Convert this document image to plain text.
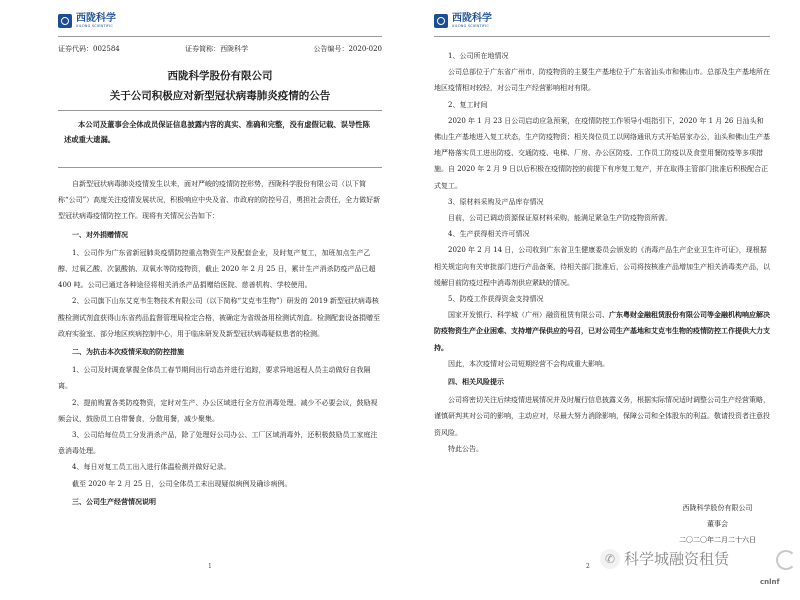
西陇科学
XILONG SCIENTIFIC
证券代码：002584	证券简称：西陇科学	公告编号：2020-020
西陇科学股份有限公司
关于公司积极应对新型冠状病毒肺炎疫情的公告
本公司及董事会全体成员保证信息披露内容的真实、准确和完整，没有虚假记载、误导性陈述或重大遗漏。

自新型冠状病毒肺炎疫情发生以来，面对严峻的疫情防控形势，西陇科学股份有限公司（以下简称“公司”）高度关注疫情发展状况，积极响应中央及省、市政府的防控号召，勇担社会责任，全力做好新型冠状病毒疫情防控工作。现将有关情况公告如下：

一、对外捐赠情况

1、公司作为广东省新冠肺炎疫情防控重点物资生产及配套企业，及时复产复工，加班加点生产乙醇、过氧乙酸、次氯酸钠、双氧水等防疫物资，截止 2020 年 2 月 25 日，累计生产消杀防疫产品已超 400 吨。公司已通过各种途径将相关消杀产品捐赠给医院、慈善机构、学校使用。

2、公司旗下山东艾克韦生物技术有限公司（以下简称“艾克韦生物”）研发的 2019 新型冠状病毒核酸检测试剂盒获得山东省药品监督管理局检定合格，被确定为省级备用检测试剂盒。检测配套设备捐赠至政府实验室、部分地区疾病控制中心，用于临床研发及新型冠状病毒疑似患者的检测。

二、为抗击本次疫情采取的防控措施

1、公司及时调查掌握全体员工春节期间出行动态并进行追踪，要求异地返程人员主动做好自我隔离。

2、提前购置各类防疫物资，定时对生产、办公区域进行全方位消毒处理。减少不必要会议，鼓励视频会议，鼓励员工自带餐食，分散用餐，减少聚集。

3、公司给每位员工分发消杀产品，除了处理好公司办公、工厂区域消毒外，还积极鼓励员工家庭注意消毒处理。

4、每日对复工员工出入进行体温检测并做好记录。

截至 2020 年 2 月 25 日，公司全体员工未出现疑似病例及确诊病例。

三、公司生产经营情况说明

1
西陇科学
XILONG SCIENTIFIC

1、公司所在地情况

公司总部位于广东省广州市，防疫物资的主要生产基地位于广东省汕头市和佛山市。总部及生产基地所在地区疫情相对较轻，对公司生产经营影响相对有限。

2、复工时间

2020 年 1 月 23 日公司启动应急预案，在疫情防控工作领导小组指引下，2020 年 1 月 26 日汕头和佛山生产基地进入复工状态，生产防疫物资；相关岗位员工以网络通讯方式开始居家办公，汕头和佛山生产基地严格落实员工进出防疫、交通防疫、电梯、厂房、办公区防疫、工作员工防疫以及食堂用餐防疫等多项措施。自 2020 年 2 月 9 日以后积极在疫情防控的前提下有序复工复产，并在取得主管部门批准后积极配合正式复工。

3、原材料采购及产品库存情况

目前，公司已调动资源保证原材料采购，能满足紧急生产防疫物资所需。

4、生产获得相关许可情况

2020 年 2 月 14 日，公司收到广东省卫生健康委员会颁发的《消毒产品生产企业卫生许可证》，现根据相关规定向有关审批部门进行产品备案，待相关部门批准后，公司将按核准产品增加生产相关消毒类产品，以缓解目前防疫过程中消毒剂供应紧缺的情况。

5、防疫工作获得资金支持情况

国家开发银行、科学城（广州）融资租赁有限公司、广东粤财金融租赁股份有限公司等金融机构响应解决防疫物资生产企业困难、支持增产保供应的号召，已对公司生产基地和艾克韦生物的疫情防控工作提供大力支持。

因此，本次疫情对公司短期经营不会构成重大影响。

四、相关风险提示

公司将密切关注后续疫情进展情况并及时履行信息披露义务，根据实际情况适时调整公司生产经营策略，谨慎研判其对公司的影响，主动应对，尽最大努力消除影响，保障公司和全体股东的利益。敬请投资者注意投资风险。

特此公告。

西陇科学股份有限公司
董事会
二〇二〇年二月二十六日
2
✆ 科学城融资租赁
cnlnf
